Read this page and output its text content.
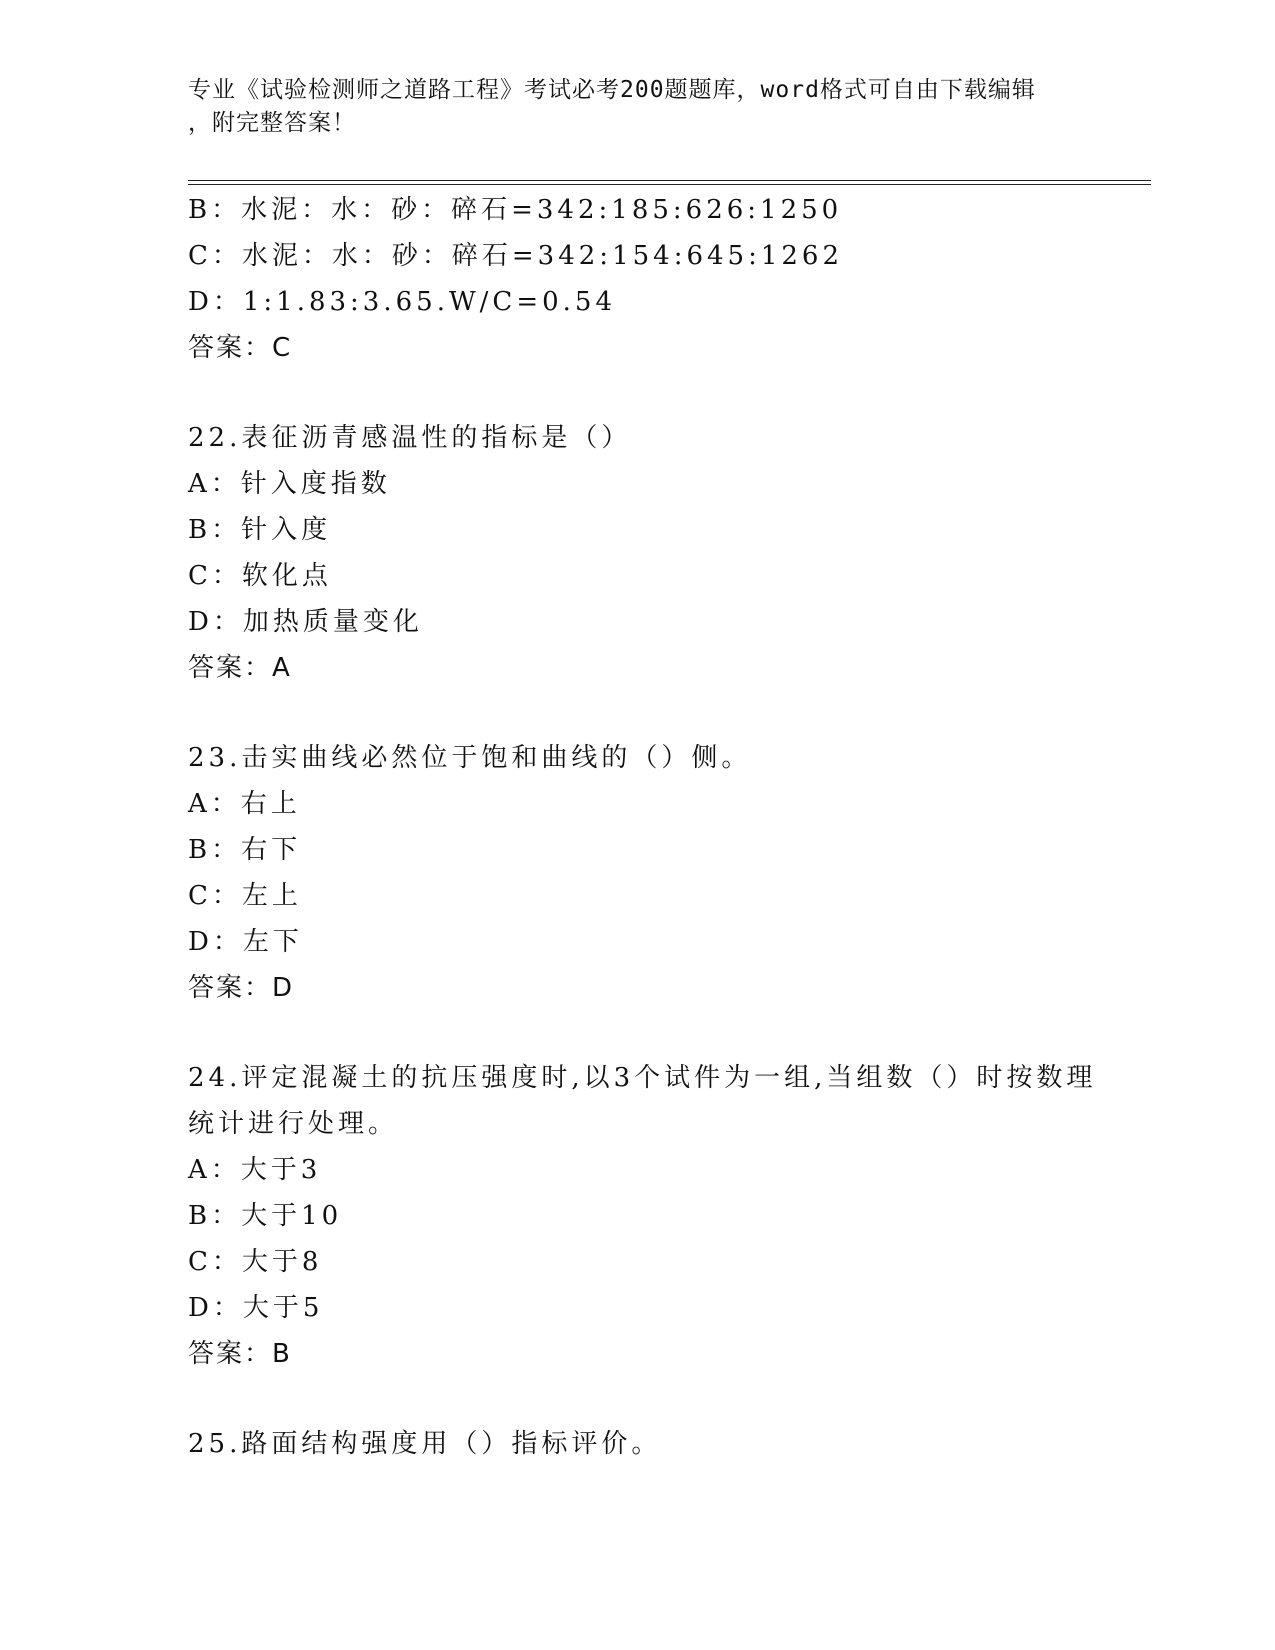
专业《试验检测师之道路工程》考试必考200题题库，word格式可自由下载编辑
，附完整答案！
B：水泥：水：砂：碎石=342:185:626:1250
C：水泥：水：砂：碎石=342:154:645:1262
D：1:1.83:3.65.W/C=0.54
答案：C
22.表征沥青感温性的指标是（）
A：针入度指数
B：针入度
C：软化点
D：加热质量变化
答案：A
23.击实曲线必然位于饱和曲线的（）侧。
A：右上
B：右下
C：左上
D：左下
答案：D
24.评定混凝土的抗压强度时,以3个试件为一组,当组数（）时按数理
统计进行处理。
A：大于3
B：大于10
C：大于8
D：大于5
答案：B
25.路面结构强度用（）指标评价。
